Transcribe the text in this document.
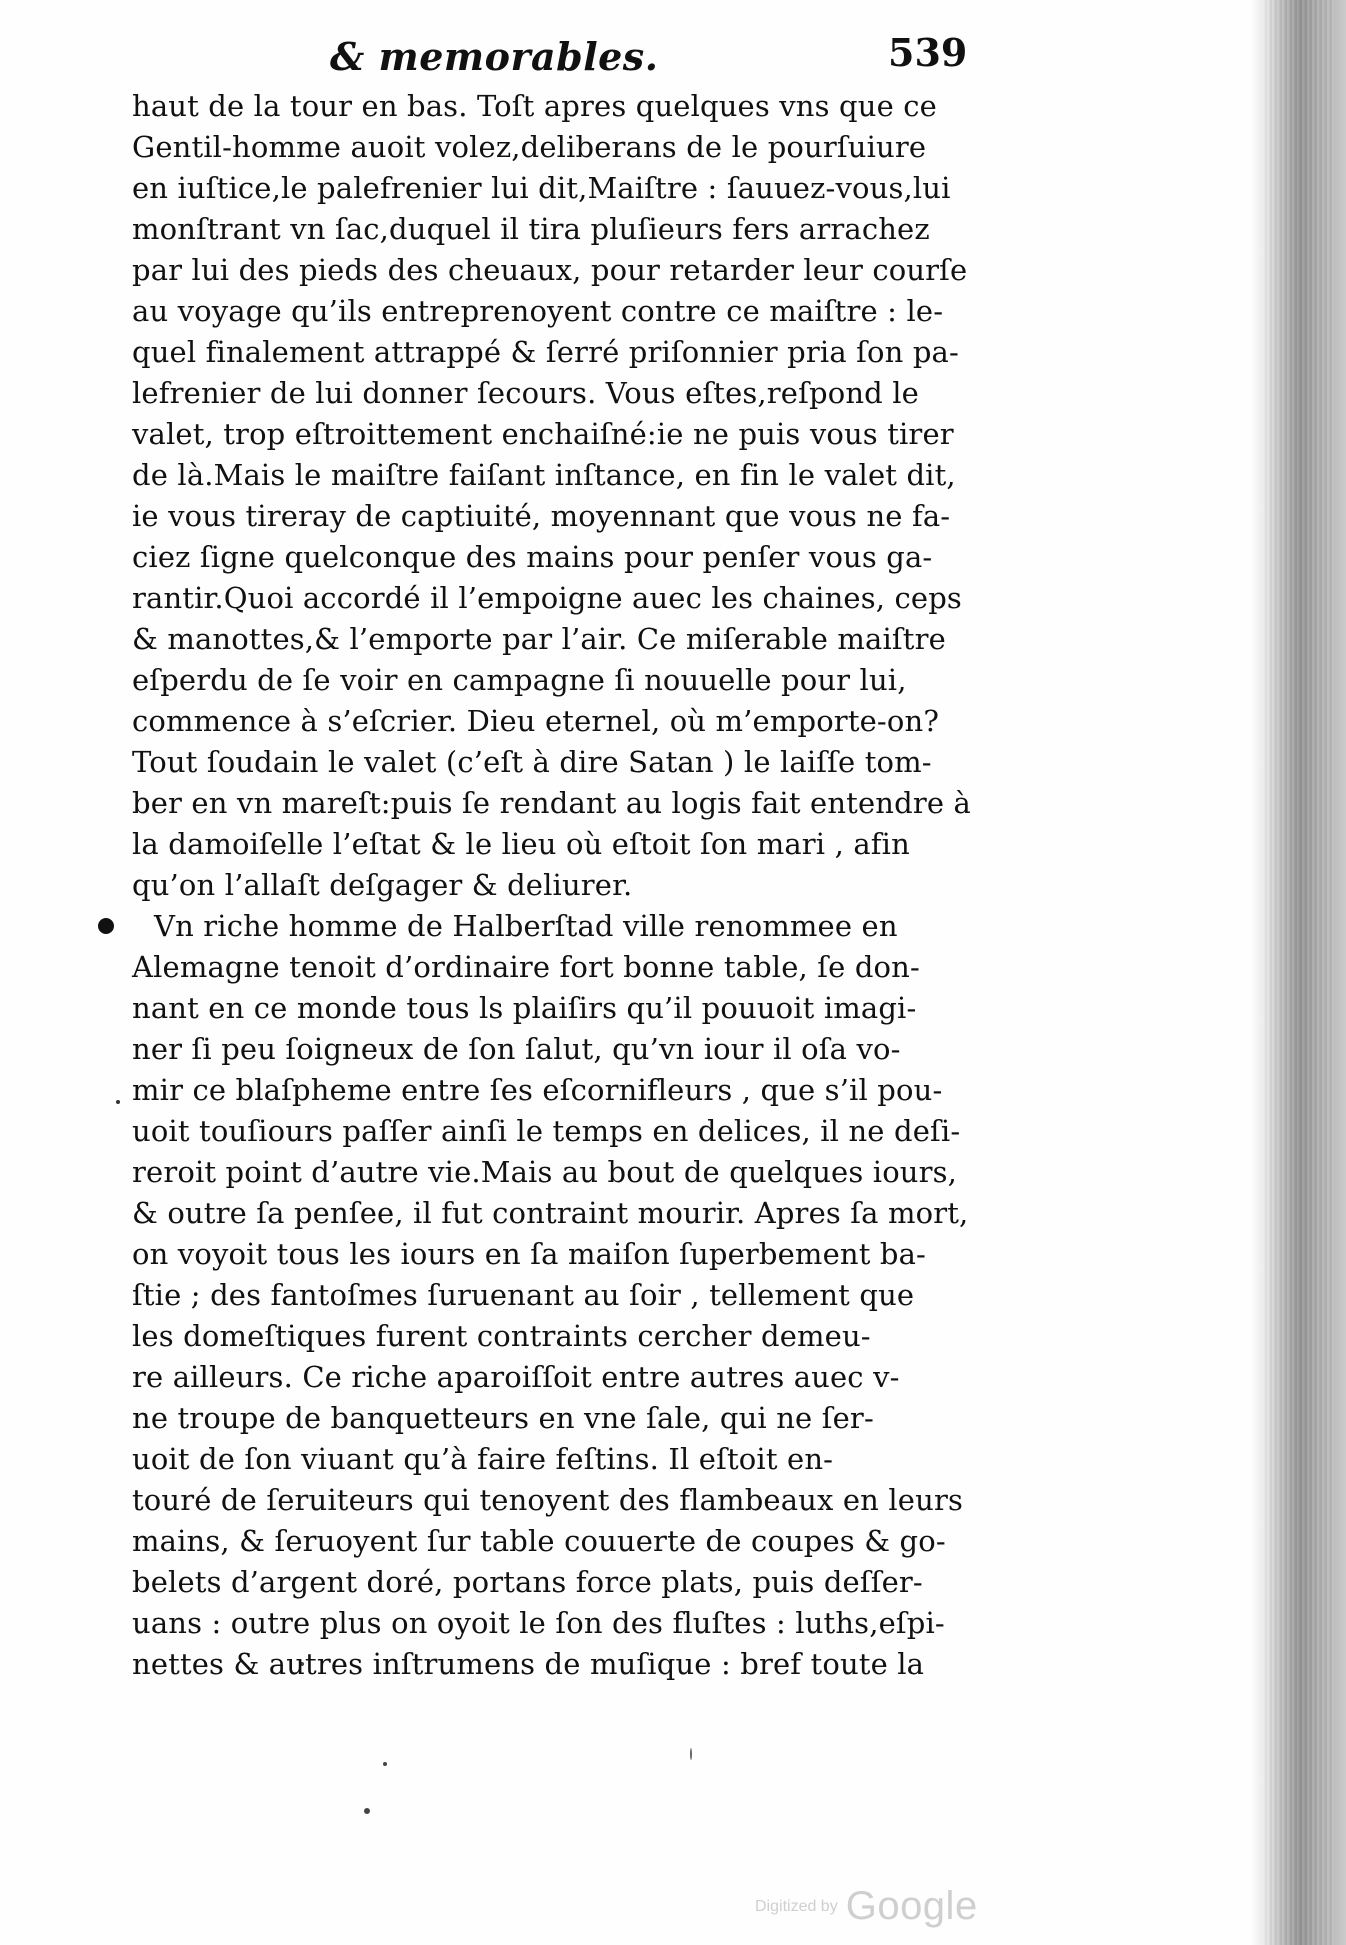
& memorables.	539
haut de la tour en bas. Toſt apres quelques vns que ce
Gentil-homme auoit volez,deliberans de le pourſuiure
en iuſtice,le palefrenier lui dit,Maiſtre : ſauuez-vous,lui
monſtrant vn ſac,duquel il tira pluſieurs fers arrachez
par lui des pieds des cheuaux, pour retarder leur courſe
au voyage qu’ils entreprenoyent contre ce maiſtre : le-
quel finalement attrappé & ſerré priſonnier pria ſon pa-
lefrenier de lui donner ſecours. Vous eſtes,reſpond le
valet, trop eſtroittement enchaiſné:ie ne puis vous tirer
de là.Mais le maiſtre faiſant inſtance, en fin le valet dit,
ie vous tireray de captiuité, moyennant que vous ne fa-
ciez ſigne quelconque des mains pour penſer vous ga-
rantir.Quoi accordé il l’empoigne auec les chaines, ceps
& manottes,& l’emporte par l’air. Ce miſerable maiſtre
eſperdu de ſe voir en campagne ſi nouuelle pour lui,
commence à s’eſcrier. Dieu eternel, où m’emporte-on?
Tout ſoudain le valet (c’eſt à dire Satan ) le laiſſe tom-
ber en vn mareſt:puis ſe rendant au logis fait entendre à
la damoiſelle l’eſtat & le lieu où eſtoit ſon mari , afin
qu’on l’allaſt deſgager & deliurer.
Vn riche homme de Halberſtad ville renommee en
Alemagne tenoit d’ordinaire fort bonne table, ſe don-
nant en ce monde tous ls plaiſirs qu’il pouuoit imagi-
ner ſi peu ſoigneux de ſon ſalut, qu’vn iour il oſa vo-
mir ce blaſpheme entre ſes eſcornifleurs , que s’il pou-
uoit touſiours paſſer ainſi le temps en delices, il ne deſi-
reroit point d’autre vie.Mais au bout de quelques iours,
& outre ſa penſee, il fut contraint mourir. Apres ſa mort,
on voyoit tous les iours en ſa maiſon ſuperbement ba-
ſtie ; des fantoſmes ſuruenant au ſoir , tellement que
les domeſtiques furent contraints cercher demeu-
re ailleurs. Ce riche aparoiſſoit entre autres auec v-
ne troupe de banquetteurs en vne ſale, qui ne ſer-
uoit de ſon viuant qu’à faire feſtins. Il eſtoit en-
touré de ſeruiteurs qui tenoyent des flambeaux en leurs
mains, & ſeruoyent ſur table couuerte de coupes & go-
belets d’argent doré, portans force plats, puis deſſer-
uans : outre plus on oyoit le ſon des fluſtes : luths,eſpi-
nettes & autres inſtrumens de muſique : bref toute la
Digitized by Google
